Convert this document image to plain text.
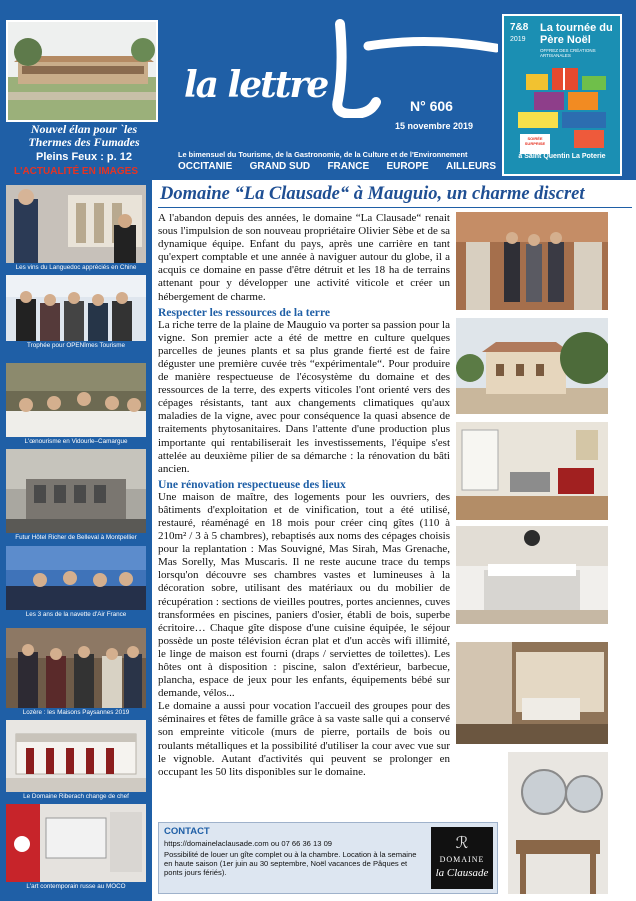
Nouvel élan pour `les Thermes des Fumades
Pleins Feux : p. 12
L'ACTUALITÉ EN IMAGES
la lettre	N° 606
15 novembre 2019
Le bimensuel du Tourisme, de la Gastronomie, de la Culture et de l'Environnement
OCCITANIE GRAND SUD FRANCE EUROPE AILLEURS
7&8
2019
La tournée du Père Noël
OFFREZ DES CRÉATIONS ARTISANALES
SOIRÉE SURPRISE
à Saint Quentin La Poterie
Les vins du Languedoc appréciés en Chine
Trophée pour OPENîmes Tourisme
L'œnourisme en Vidourle–Camargue
Futur Hôtel Richer de Belleval à Montpellier
Les 3 ans de la navette d'Air France
Lozère : les Maisons Paysannes 2019
Le Domaine Riberach change de chef
L'art contemporain russe au MOCO
Domaine “La Clausade“ à Mauguio, un charme discret

A l'abandon depuis des années, le domaine “La Clausade“ renait sous l'impulsion de son nouveau propriétaire Olivier Sèbe et de sa dynamique équipe. Enfant du pays, après une carrière en tant qu'expert comptable et une année à naviguer autour du globe, il a acquis ce domaine en passe d'être détruit et les 18 ha de terrains attenant pour y développer une activité viticole et créer un hébergement de charme.

Respecter les ressources de la terre

La riche terre de la plaine de Mauguio va porter sa passion pour la vigne. Son premier acte a été de mettre en culture quelques parcelles de jeunes plants et sa plus grande fierté est de faire déguster une première cuvée très “expérimentale“. Pour produire de manière respectueuse de l'écosystème du domaine et des ressources de la terre, des experts viticoles l'ont orienté vers des cépages résistants, tant aux changements climatiques qu'aux maladies de la vigne, avec pour conséquence la quasi absence de traitements phytosanitaires. Dans l'attente d'une production plus importante qui rentabiliserait les investissements, l'équipe s'est attelée au deuxième pilier de sa démarche : la rénovation du bâti ancien.

Une rénovation respectueuse des lieux

Une maison de maître, des logements pour les ouvriers, des bâtiments d'exploitation et de vinification, tout a été utilisé, restauré, réaménagé en 18 mois pour créer cinq gîtes (110 à 210m² / 3 à 5 chambres), rebaptisés aux noms des cépages choisis pour la replantation : Mas Souvigné, Mas Sirah, Mas Grenache, Mas Sorelly, Mas Muscaris. Il ne reste aucune trace du temps lorsqu'on découvre ses chambres vastes et lumineuses à la décoration sobre, utilisant des matériaux ou du mobilier de récupération : sections de vieilles poutres, portes anciennes, cuves transformées en piscines, paniers d'osier, établi de bois, superbe écritoire… Chaque gîte dispose d'une cuisine équipée, le séjour possède un poste télévision écran plat et d'un accès wifi illimité, le linge de maison est fourni (draps / serviettes de toilettes). Les hôtes ont à disposition : piscine, salon d'extérieur, barbecue, plancha, espace de jeux pour les enfants, équipements bébé sur demande, vélos...

Le domaine a aussi pour vocation l'accueil des groupes pour des séminaires et fêtes de famille grâce à sa vaste salle qui a conservé son empreinte viticole (murs de pierre, portails de bois ou roulants métalliques et la possibilité d'utiliser la cour avec vue sur le vignoble. Autant d'activités qui peuvent se prolonger en occupant les 50 lits disponibles sur le domaine.

CONTACT
https://domainelaclausade.com ou 07 66 36 13 09
Possibilité de louer un gîte complet ou à la chambre. Location à la semaine en haute saison (1er juin au 30 septembre, Noël vacances de Pâques et ponts jours fériés).
ℛ
DOMAINE
la Clausade
